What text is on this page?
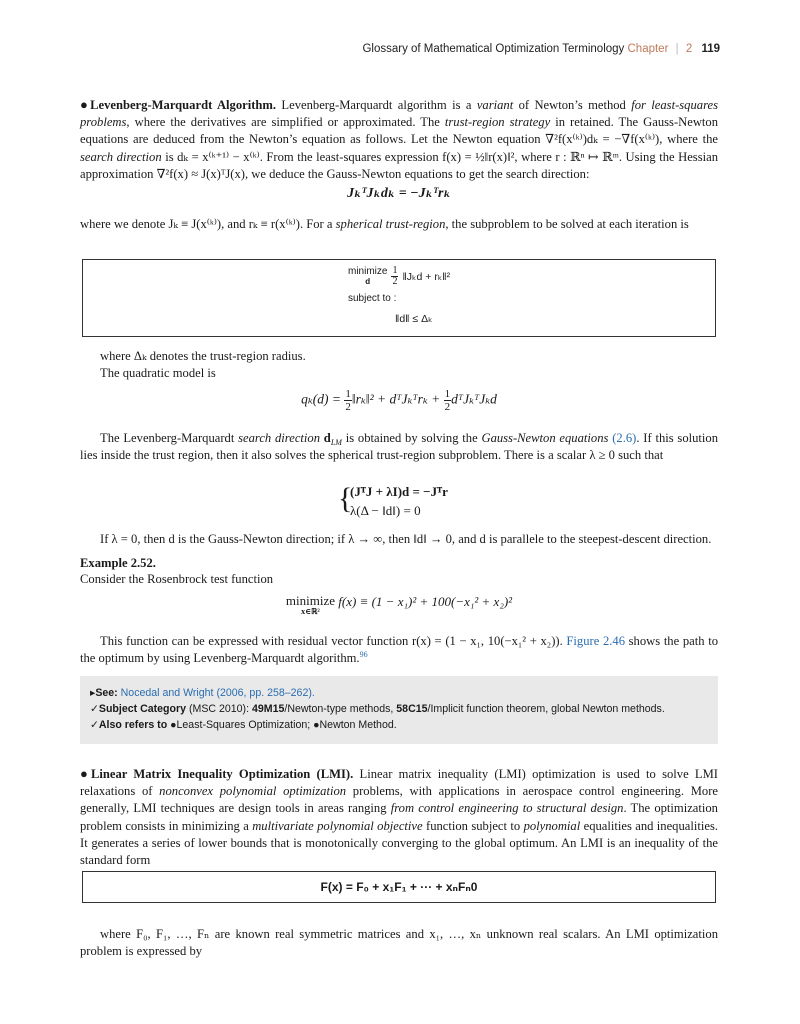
Glossary of Mathematical Optimization Terminology Chapter | 2 119

●Levenberg-Marquardt Algorithm. Levenberg-Marquardt algorithm is a variant of Newton’s method for least-squares problems, where the derivatives are simplified or approximated. The trust-region strategy in retained. The Gauss-Newton equations are deduced from the Newton’s equation as follows. Let the Newton equation ∇²f(x⁽ᵏ⁾)dₖ = −∇f(x⁽ᵏ⁾), where the search direction is dₖ = x⁽ᵏ⁺¹⁾ − x⁽ᵏ⁾. From the least-squares expression f(x) = ½‖r(x)‖², where r : ℝⁿ ↦ ℝᵐ. Using the Hessian approximation ∇²f(x) ≈ J(x)ᵀJ(x), we deduce the Gauss-Newton equations to get the search direction:

JₖᵀJₖdₖ = −Jₖᵀrₖ

where we denote Jₖ ≡ J(x⁽ᵏ⁾), and rₖ ≡ r(x⁽ᵏ⁾). For a spherical trust-region, the subproblem to be solved at each iteration is

minimize
d
	$\frac{1}{2}$ ‖Jₖd + rₖ‖²
subject to :
‖d‖ ≤ Δₖ
where Δₖ denotes the trust-region radius.
The quadratic model is
$q_k(d) = \frac{1}{2}$ ‖rₖ‖² + dᵀJₖᵀrₖ + $\frac{1}{2}$ dᵀJₖᵀJₖd

The Levenberg-Marquardt search direction $d_{LM}$ is obtained by solving the Gauss-Newton equations (2.6). If this solution lies inside the trust region, then it also solves the spherical trust-region subproblem. There is a scalar λ ≥ 0 such that

{
(JᵀJ + λI)d = −Jᵀr
λ(Δ − ‖d‖) = 0
If λ = 0, then d is the Gauss-Newton direction; if λ → ∞, then ‖d‖ → 0, and d is parallele to the steepest-descent direction.
Example 2.52.
Consider the Rosenbrock test function
minimize
x∈ℝ²
f(x) ≡ (1 − x₁)² + 100(−x₁² + x₂)²

This function can be expressed with residual vector function r(x) = (1 − x₁, 10(−x₁² + x₂)). Figure 2.46 shows the path to the optimum by using Levenberg-Marquardt algorithm.$^{96}$

▸See: Nocedal and Wright (2006, pp. 258–262).
✓Subject Category (MSC 2010): 49M15/Newton-type methods, 58C15/Implicit function theorem, global Newton methods.
✓Also refers to ●Least-Squares Optimization; ●Newton Method.

●Linear Matrix Inequality Optimization (LMI). Linear matrix inequality (LMI) optimization is used to solve LMI relaxations of nonconvex polynomial optimization problems, with applications in aerospace control engineering. More generally, LMI techniques are design tools in areas ranging from control engineering to structural design. The optimization problem consists in minimizing a multivariate polynomial objective function subject to polynomial equalities and inequalities. It generates a series of lower bounds that is monotonically converging to the global optimum. An LMI is an inequality of the standard form

F(x) = F₀ + x₁F₁ + ··· + xₙFₙ0

where F₀, F₁, …, Fₙ are known real symmetric matrices and x₁, …, xₙ unknown real scalars. An LMI optimization problem is expressed by
